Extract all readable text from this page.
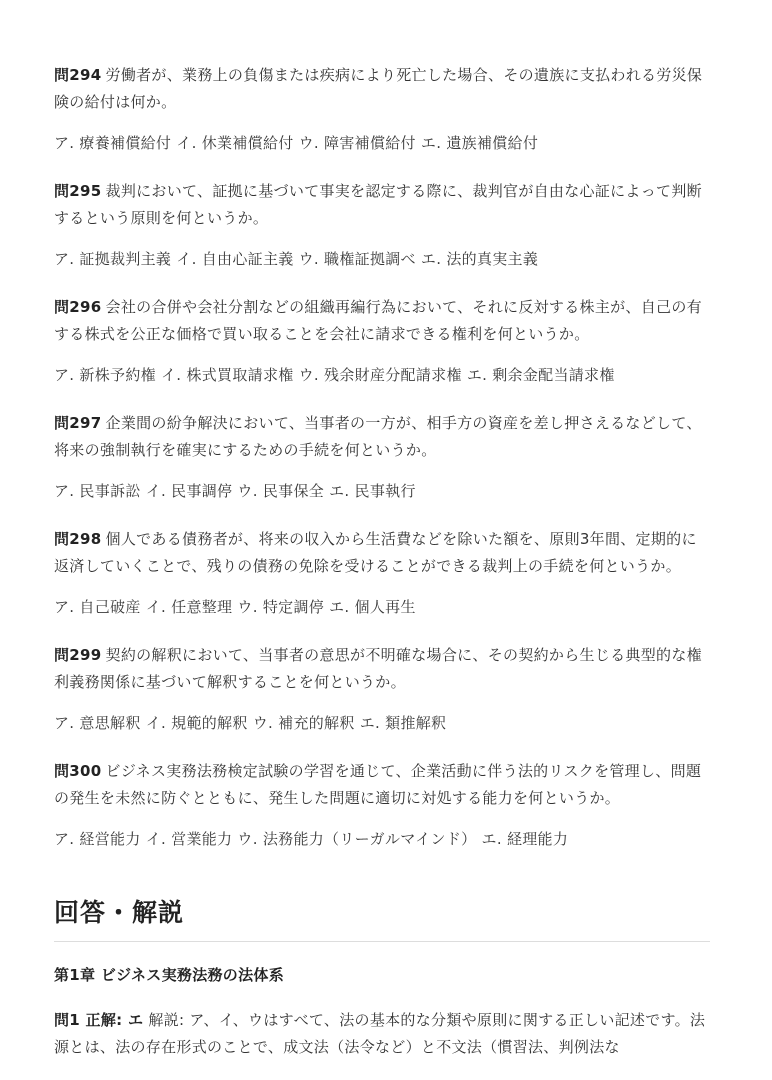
問294 労働者が、業務上の負傷または疾病により死亡した場合、その遺族に支払われる労災保険の給付は何か。

ア. 療養補償給付 イ. 休業補償給付 ウ. 障害補償給付 エ. 遺族補償給付

問295 裁判において、証拠に基づいて事実を認定する際に、裁判官が自由な心証によって判断するという原則を何というか。

ア. 証拠裁判主義 イ. 自由心証主義 ウ. 職権証拠調べ エ. 法的真実主義

問296 会社の合併や会社分割などの組織再編行為において、それに反対する株主が、自己の有する株式を公正な価格で買い取ることを会社に請求できる権利を何というか。

ア. 新株予約権 イ. 株式買取請求権 ウ. 残余財産分配請求権 エ. 剰余金配当請求権

問297 企業間の紛争解決において、当事者の一方が、相手方の資産を差し押さえるなどして、将来の強制執行を確実にするための手続を何というか。

ア. 民事訴訟 イ. 民事調停 ウ. 民事保全 エ. 民事執行

問298 個人である債務者が、将来の収入から生活費などを除いた額を、原則3年間、定期的に返済していくことで、残りの債務の免除を受けることができる裁判上の手続を何というか。

ア. 自己破産 イ. 任意整理 ウ. 特定調停 エ. 個人再生

問299 契約の解釈において、当事者の意思が不明確な場合に、その契約から生じる典型的な権利義務関係に基づいて解釈することを何というか。

ア. 意思解釈 イ. 規範的解釈 ウ. 補充的解釈 エ. 類推解釈

問300 ビジネス実務法務検定試験の学習を通じて、企業活動に伴う法的リスクを管理し、問題の発生を未然に防ぐとともに、発生した問題に適切に対処する能力を何というか。

ア. 経営能力 イ. 営業能力 ウ. 法務能力（リーガルマインド） エ. 経理能力

回答・解説
第1章 ビジネス実務法務の法体系

問1 正解: エ 解説: ア、イ、ウはすべて、法の基本的な分類や原則に関する正しい記述です。法源とは、法の存在形式のことで、成文法（法令など）と不文法（慣習法、判例法な
